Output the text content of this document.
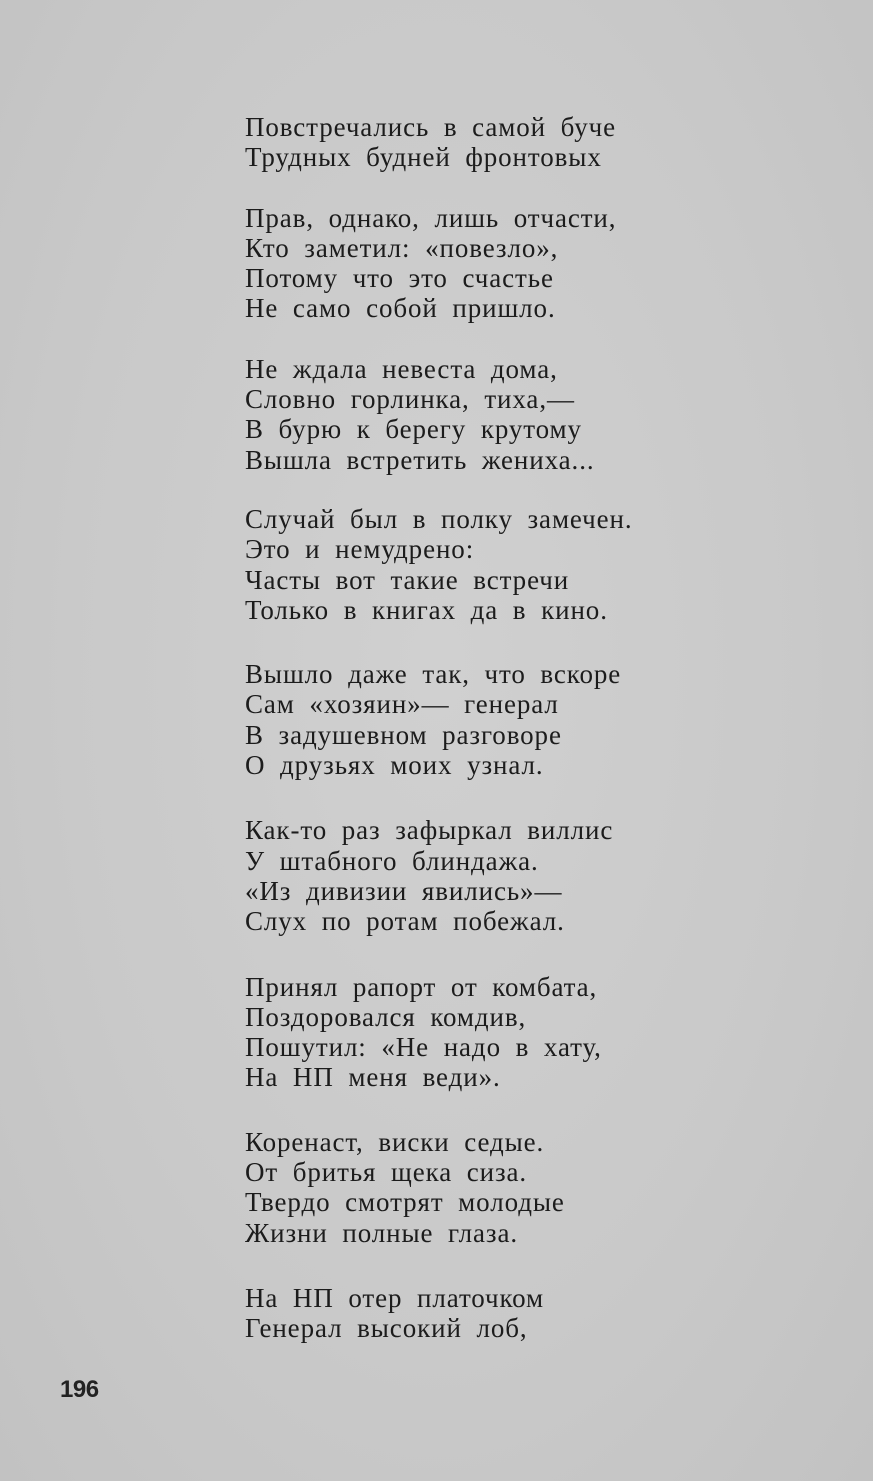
Повстречались в самой буче
Трудных будней фронтовых
Прав, однако, лишь отчасти,
Кто заметил: «повезло»,
Потому что это счастье
Не само собой пришло.
Не ждала невеста дома,
Словно горлинка, тиха,—
В бурю к берегу крутому
Вышла встретить жениха...
Случай был в полку замечен.
Это и немудрено:
Часты вот такие встречи
Только в книгах да в кино.
Вышло даже так, что вскоре
Сам «хозяин»— генерал
В задушевном разговоре
О друзьях моих узнал.
Как-то раз зафыркал виллис
У штабного блиндажа.
«Из дивизии явились»—
Слух по ротам побежал.
Принял рапорт от комбата,
Поздоровался комдив,
Пошутил: «Не надо в хату,
На НП меня веди».
Коренаст, виски седые.
От бритья щека сиза.
Твердо смотрят молодые
Жизни полные глаза.
На НП отер платочком
Генерал высокий лоб,
196
